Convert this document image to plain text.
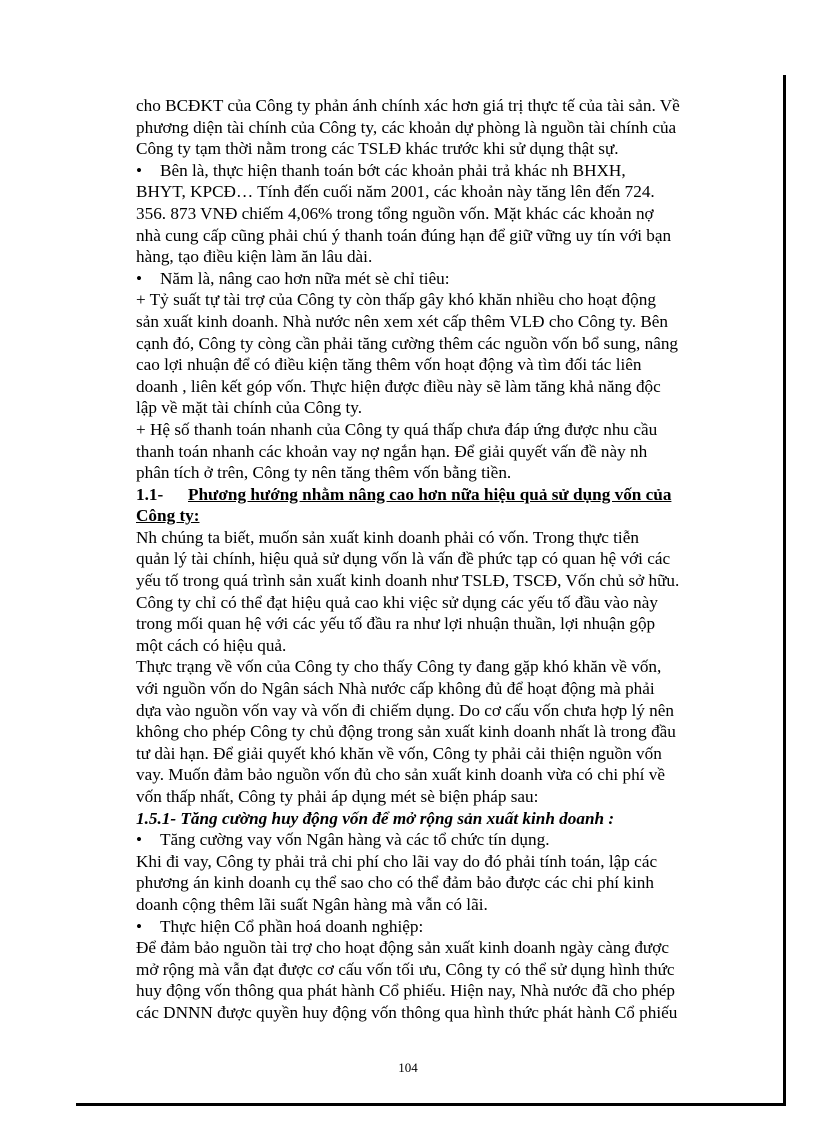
cho BCĐKT của Công ty phản ánh chính xác hơn giá trị thực tế của tài sản. Về
phương diện tài chính của Công ty, các khoản dự phòng là nguồn tài chính của
Công ty tạm thời nằm trong các TSLĐ khác trước khi sử dụng thật sự.
• Bên là, thực hiện thanh toán bớt các khoản phải trả khác nh BHXH,
BHYT, KPCĐ… Tính đến cuối năm 2001, các khoản này tăng lên đến 724.
356. 873 VNĐ chiếm 4,06% trong tổng nguồn vốn. Mặt khác các khoản nợ
nhà cung cấp cũng phải chú ý thanh toán đúng hạn để giữ vững uy tín với bạn
hàng, tạo điều kiện làm ăn lâu dài.
• Năm là, nâng cao hơn nữa mét sè chỉ tiêu:
+ Tỷ suất tự tài trợ của Công ty còn thấp gây khó khăn nhiều cho hoạt động
sản xuất kinh doanh. Nhà nước nên xem xét cấp thêm VLĐ cho Công ty. Bên
cạnh đó, Công ty còng cần phải tăng cường thêm các nguồn vốn bổ sung, nâng
cao lợi nhuận để có điều kiện tăng thêm vốn hoạt động và tìm đối tác liên
doanh , liên kết góp vốn. Thực hiện được điều này sẽ làm tăng khả năng độc
lập về mặt tài chính của Công ty.
+ Hệ số thanh toán nhanh của Công ty quá thấp chưa đáp ứng được nhu cầu
thanh toán nhanh các khoản vay nợ ngắn hạn. Để giải quyết vấn đề này nh
phân tích ở trên, Công ty nên tăng thêm vốn bằng tiền.
1.1- Phương hướng nhằm nâng cao hơn nữa hiệu quả sử dụng vốn của
Công ty:
Nh chúng ta biết, muốn sản xuất kinh doanh phải có vốn. Trong thực tiễn
quản lý tài chính, hiệu quả sử dụng vốn là vấn đề phức tạp có quan hệ với các
yếu tố trong quá trình sản xuất kinh doanh như TSLĐ, TSCĐ, Vốn chủ sở hữu.
Công ty chỉ có thể đạt hiệu quả cao khi việc sử dụng các yếu tố đầu vào này
trong mối quan hệ với các yếu tố đầu ra như lợi nhuận thuần, lợi nhuận gộp
một cách có hiệu quả.
Thực trạng về vốn của Công ty cho thấy Công ty đang gặp khó khăn về vốn,
với nguồn vốn do Ngân sách Nhà nước cấp không đủ để hoạt động mà phải
dựa vào nguồn vốn vay và vốn đi chiếm dụng. Do cơ cấu vốn chưa hợp lý nên
không cho phép Công ty chủ động trong sản xuất kinh doanh nhất là trong đầu
tư dài hạn. Để giải quyết khó khăn về vốn, Công ty phải cải thiện nguồn vốn
vay. Muốn đảm bảo nguồn vốn đủ cho sản xuất kinh doanh vừa có chi phí về
vốn thấp nhất, Công ty phải áp dụng mét sè biện pháp sau:
1.5.1- Tăng cường huy động vốn để mở rộng sản xuất kinh doanh :
• Tăng cường vay vốn Ngân hàng và các tổ chức tín dụng.
Khi đi vay, Công ty phải trả chi phí cho lãi vay do đó phải tính toán, lập các
phương án kinh doanh cụ thể sao cho có thể đảm bảo được các chi phí kinh
doanh cộng thêm lãi suất Ngân hàng mà vẫn có lãi.
• Thực hiện Cổ phần hoá doanh nghiệp:
Để đảm bảo nguồn tài trợ cho hoạt động sản xuất kinh doanh ngày càng được
mở rộng mà vẫn đạt được cơ cấu vốn tối ưu, Công ty có thể sử dụng hình thức
huy động vốn thông qua phát hành Cổ phiếu. Hiện nay, Nhà nước đã cho phép
các DNNN được quyền huy động vốn thông qua hình thức phát hành Cổ phiếu
104
